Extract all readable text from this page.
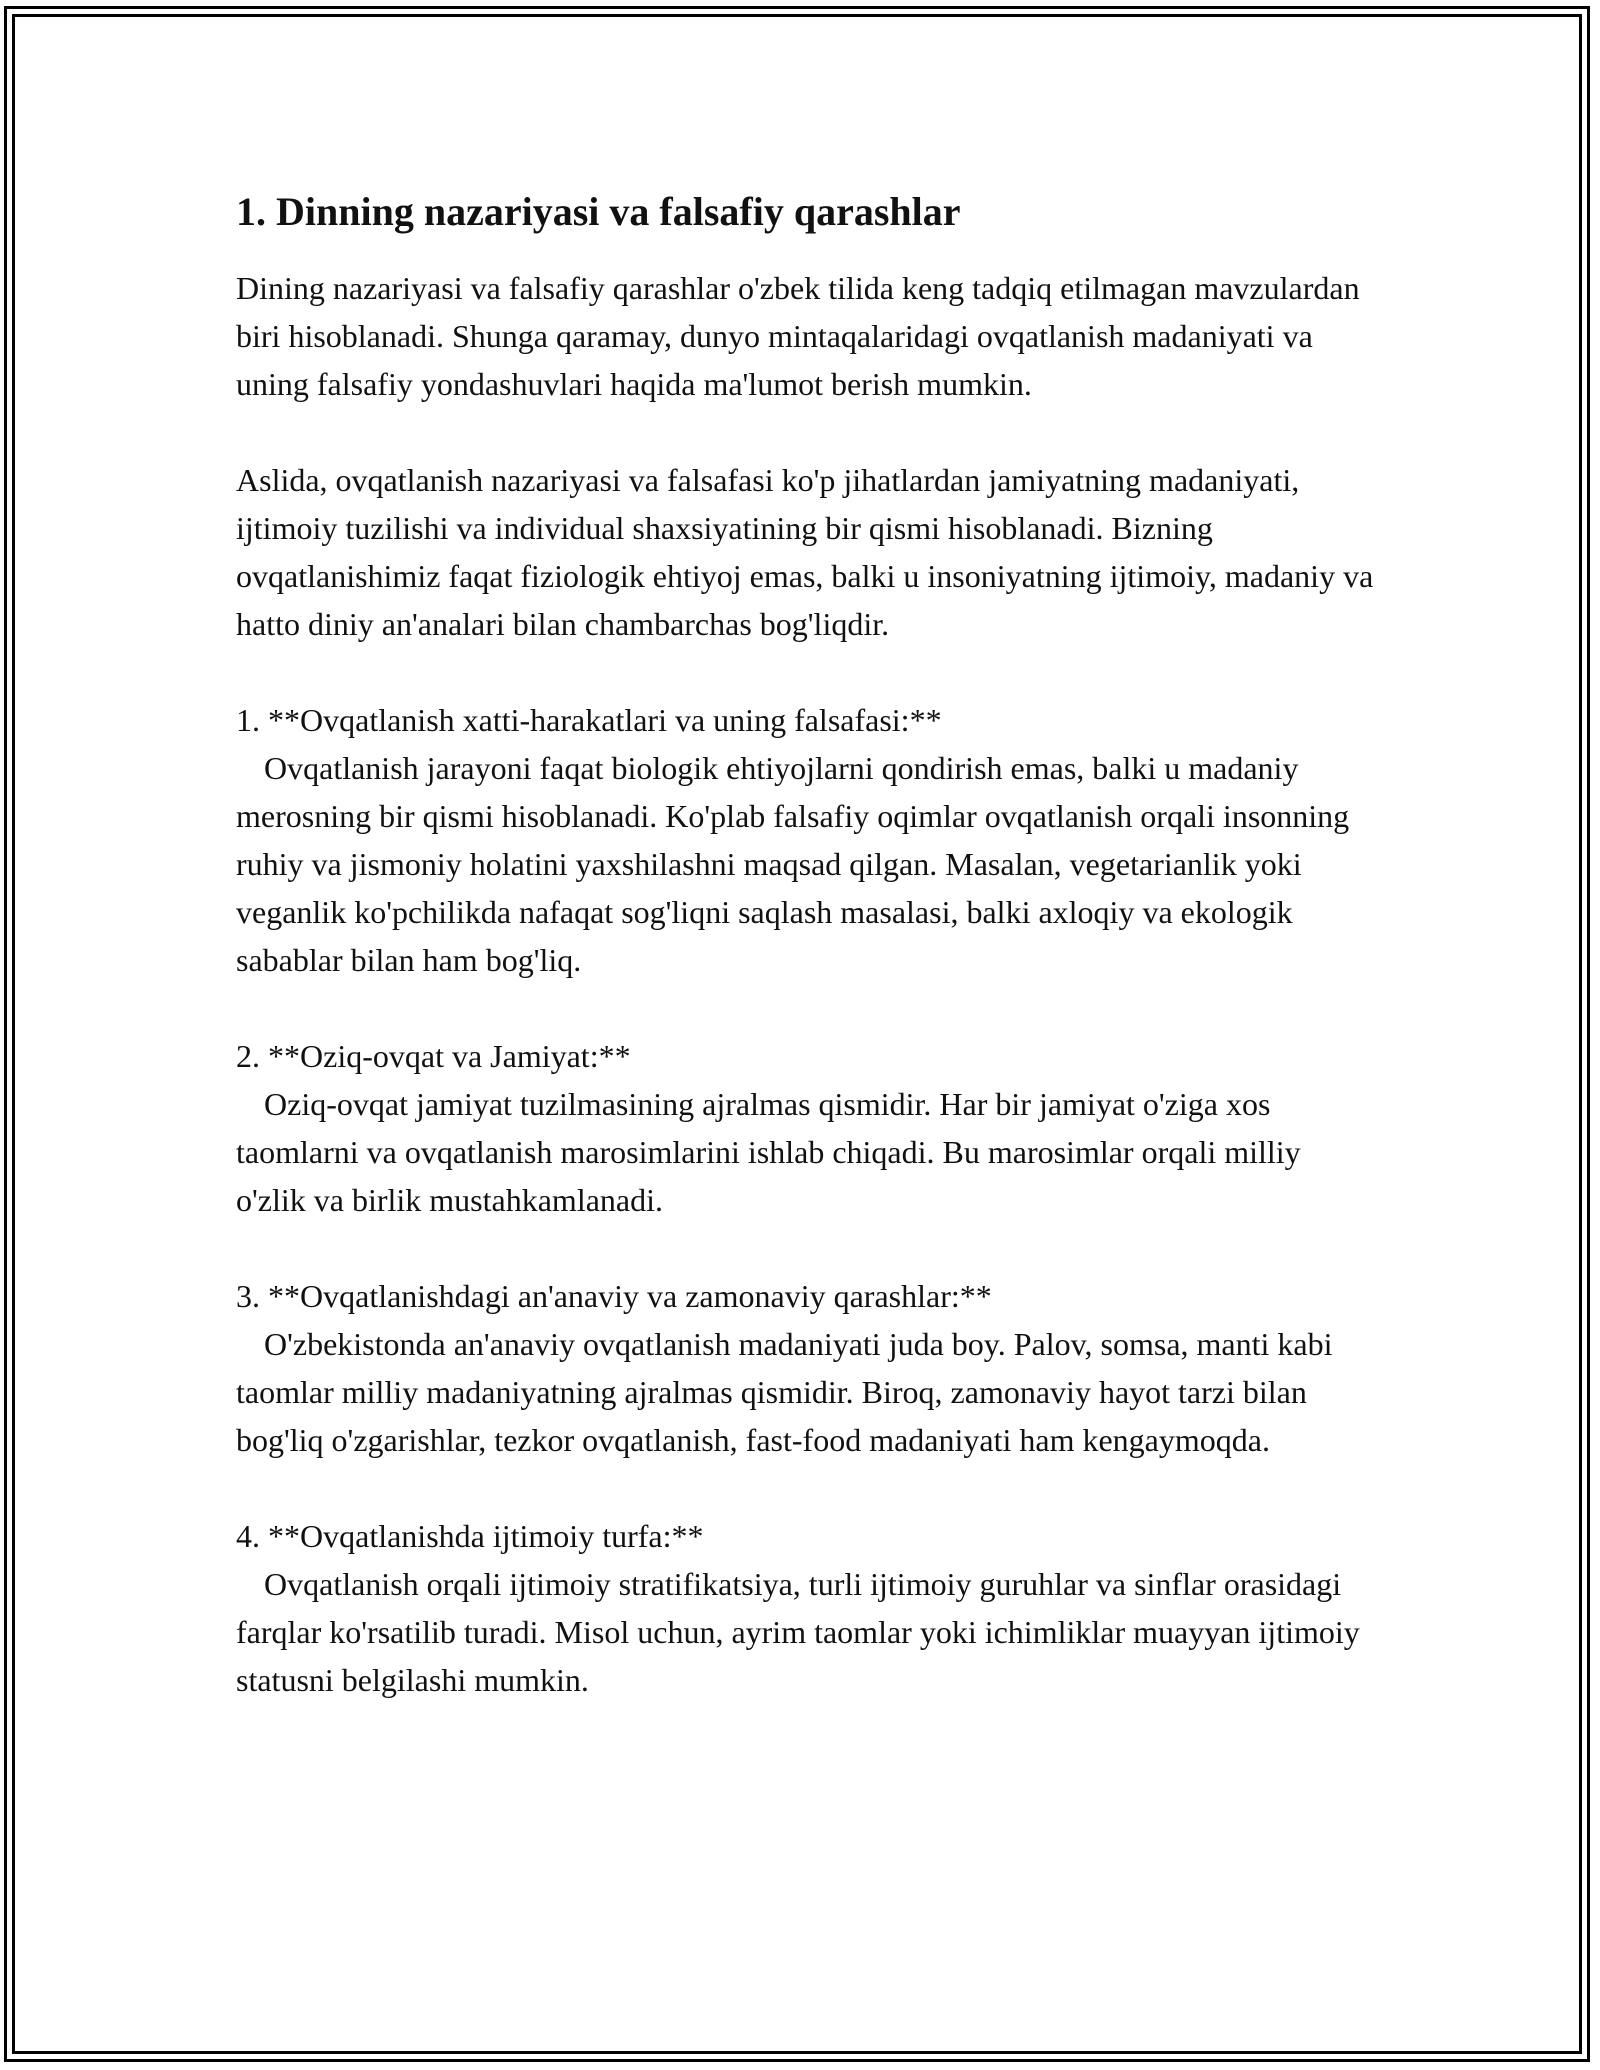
1. Dinning nazariyasi va falsafiy qarashlar

Dining nazariyasi va falsafiy qarashlar o'zbek tilida keng tadqiq etilmagan mavzulardan biri hisoblanadi. Shunga qaramay, dunyo mintaqalaridagi ovqatlanish madaniyati va uning falsafiy yondashuvlari haqida ma'lumot berish mumkin.

Aslida, ovqatlanish nazariyasi va falsafasi ko'p jihatlardan jamiyatning madaniyati, ijtimoiy tuzilishi va individual shaxsiyatining bir qismi hisoblanadi. Bizning ovqatlanishimiz faqat fiziologik ehtiyoj emas, balki u insoniyatning ijtimoiy, madaniy va hatto diniy an'analari bilan chambarchas bog'liqdir.

1. **Ovqatlanish xatti-harakatlari va uning falsafasi:**
Ovqatlanish jarayoni faqat biologik ehtiyojlarni qondirish emas, balki u madaniy merosning bir qismi hisoblanadi. Ko'plab falsafiy oqimlar ovqatlanish orqali insonning ruhiy va jismoniy holatini yaxshilashni maqsad qilgan. Masalan, vegetarianlik yoki veganlik ko'pchilikda nafaqat sog'liqni saqlash masalasi, balki axloqiy va ekologik sabablar bilan ham bog'liq.
2. **Oziq-ovqat va Jamiyat:**
Oziq-ovqat jamiyat tuzilmasining ajralmas qismidir. Har bir jamiyat o'ziga xos taomlarni va ovqatlanish marosimlarini ishlab chiqadi. Bu marosimlar orqali milliy o'zlik va birlik mustahkamlanadi.
3. **Ovqatlanishdagi an'anaviy va zamonaviy qarashlar:**
O'zbekistonda an'anaviy ovqatlanish madaniyati juda boy. Palov, somsa, manti kabi taomlar milliy madaniyatning ajralmas qismidir. Biroq, zamonaviy hayot tarzi bilan bog'liq o'zgarishlar, tezkor ovqatlanish, fast-food madaniyati ham kengaymoqda.
4. **Ovqatlanishda ijtimoiy turfa:**
Ovqatlanish orqali ijtimoiy stratifikatsiya, turli ijtimoiy guruhlar va sinflar orasidagi farqlar ko'rsatilib turadi. Misol uchun, ayrim taomlar yoki ichimliklar muayyan ijtimoiy statusni belgilashi mumkin.
